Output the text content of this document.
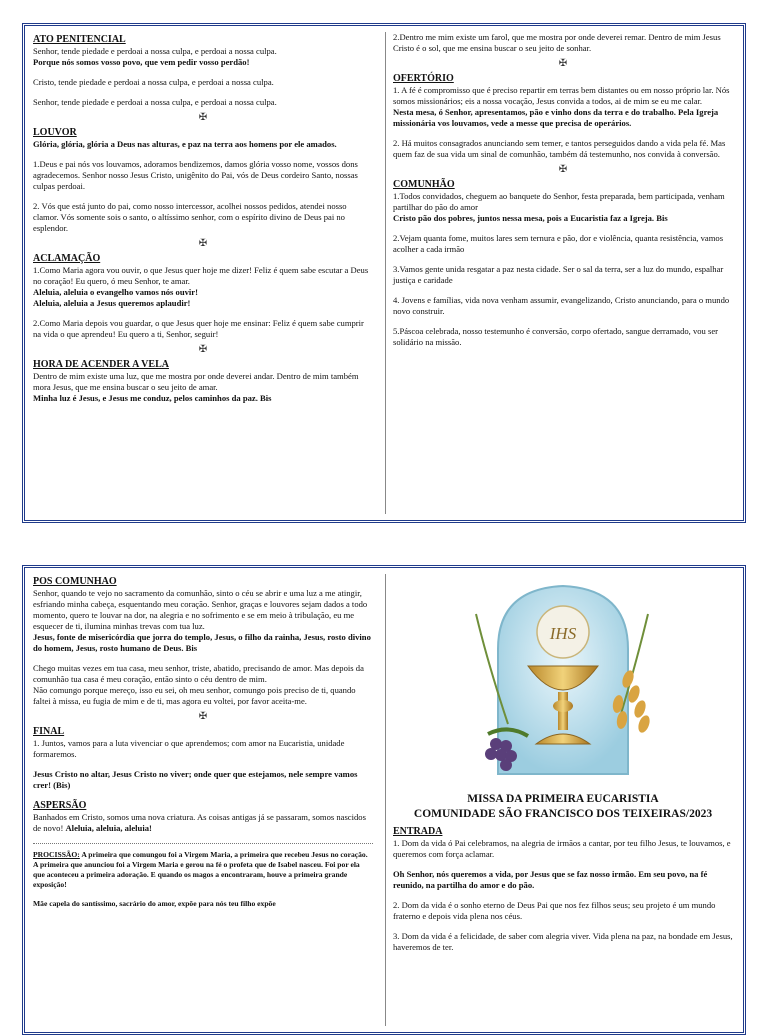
ATO PENITENCIAL

Senhor, tende piedade e perdoai a nossa culpa, e perdoai a nossa culpa.
Porque nós somos vosso povo, que vem pedir vosso perdão!

Cristo, tende piedade e perdoai a nossa culpa, e perdoai a nossa culpa.

Senhor, tende piedade e perdoai a nossa culpa, e perdoai a nossa culpa.

✠
LOUVOR

Glória, glória, glória a Deus nas alturas, e paz na terra aos homens por ele amados.

1.Deus e pai nós vos louvamos, adoramos bendizemos, damos glória vosso nome, vossos dons agradecemos. Senhor nosso Jesus Cristo, unigênito do Pai, vós de Deus cordeiro Santo, nossas culpas perdoai.

2. Vós que está junto do pai, como nosso intercessor, acolhei nossos pedidos, atendei nosso clamor. Vós somente sois o santo, o altíssimo senhor, com o espírito divino de Deus pai no esplendor.

✠
ACLAMAÇÃO

1.Como Maria agora vou ouvir, o que Jesus quer hoje me dizer! Feliz é quem sabe escutar a Deus no coração! Eu quero, ó meu Senhor, te amar.
Aleluia, aleluia o evangelho vamos nós ouvir!
Aleluia, aleluia a Jesus queremos aplaudir!

2.Como Maria depois vou guardar, o que Jesus quer hoje me ensinar: Feliz é quem sabe cumprir na vida o que aprendeu! Eu quero a ti, Senhor, seguir!

✠
HORA DE ACENDER A VELA

Dentro de mim existe uma luz, que me mostra por onde deverei andar. Dentro de mim também mora Jesus, que me ensina buscar o seu jeito de amar.
Minha luz é Jesus, e Jesus me conduz, pelos caminhos da paz. Bis

2.Dentro me mim existe um farol, que me mostra por onde deverei remar. Dentro de mim Jesus Cristo é o sol, que me ensina buscar o seu jeito de sonhar.

✠
OFERTÓRIO

1. A fé é compromisso que é preciso repartir em terras bem distantes ou em nosso próprio lar. Nós somos missionários; eis a nossa vocação, Jesus convida a todos, ai de mim se eu me calar.
Nesta mesa, ó Senhor, apresentamos, pão e vinho dons da terra e do trabalho. Pela Igreja missionária vos louvamos, vede a messe que precisa de operários.

2. Há muitos consagrados anunciando sem temer, e tantos perseguidos dando a vida pela fé. Mas quem faz de sua vida um sinal de comunhão, também dá testemunho, nos convida à conversão.

✠
COMUNHÃO

1.Todos convidados, cheguem ao banquete do Senhor, festa preparada, bem participada, venham partilhar do pão do amor
Cristo pão dos pobres, juntos nessa mesa, pois a Eucaristia faz a Igreja. Bis

2.Vejam quanta fome, muitos lares sem ternura e pão, dor e violência, quanta resistência, vamos acolher a cada irmão

3.Vamos gente unida resgatar a paz nesta cidade. Ser o sal da terra, ser a luz do mundo, espalhar justiça e caridade

4. Jovens e famílias, vida nova venham assumir, evangelizando, Cristo anunciando, para o mundo novo construir.

5.Páscoa celebrada, nosso testemunho é conversão, corpo ofertado, sangue derramado, vou ser solidário na missão.

POS COMUNHAO

Senhor, quando te vejo no sacramento da comunhão, sinto o céu se abrir e uma luz a me atingir, esfriando minha cabeça, esquentando meu coração. Senhor, graças e louvores sejam dados a todo momento, quero te louvar na dor, na alegria e no sofrimento e se em meio à tribulação, eu me esquecer de ti, ilumina minhas trevas com tua luz.
Jesus, fonte de misericórdia que jorra do templo, Jesus, o filho da rainha, Jesus, rosto divino do homem, Jesus, rosto humano de Deus. Bis

Chego muitas vezes em tua casa, meu senhor, triste, abatido, precisando de amor. Mas depois da comunhão tua casa é meu coração, então sinto o céu dentro de mim.
Não comungo porque mereço, isso eu sei, oh meu senhor, comungo pois preciso de ti, quando faltei à missa, eu fugia de mim e de ti, mas agora eu voltei, por favor aceita-me.

✠
FINAL

1. Juntos, vamos para a luta vivenciar o que aprendemos; com amor na Eucaristia, unidade formaremos.

Jesus Cristo no altar, Jesus Cristo no viver; onde quer que estejamos, nele sempre vamos crer! (Bis)

ASPERSÃO

Banhados em Cristo, somos uma nova criatura. As coisas antigas já se passaram, somos nascidos de novo! Aleluia, aleluia, aleluia!

PROCISSÃO: A primeira que comungou foi a Virgem Maria, a primeira que recebeu Jesus no coração. A primeira que anunciou foi a Virgem Maria e gerou na fé o profeta que de Isabel nasceu. Foi por ela que aconteceu a primeira adoração. E quando os magos a encontraram, houve a primeira grande exposição!

Mãe capela do santíssimo, sacrário do amor, expõe para nós teu filho expõe

IHS
MISSA DA PRIMEIRA EUCARISTIA
COMUNIDADE SÃO FRANCISCO DOS TEIXEIRAS/2023
ENTRADA

1. Dom da vida ó Pai celebramos, na alegria de irmãos a cantar, por teu filho Jesus, te louvamos, e queremos com força aclamar.

Oh Senhor, nós queremos a vida, por Jesus que se faz nosso irmão. Em seu povo, na fé reunido, na partilha do amor e do pão.

2. Dom da vida é o sonho eterno de Deus Pai que nos fez filhos seus; seu projeto é um mundo fraterno e depois vida plena nos céus.

3. Dom da vida é a felicidade, de saber com alegria viver. Vida plena na paz, na bondade em Jesus, haveremos de ter.
